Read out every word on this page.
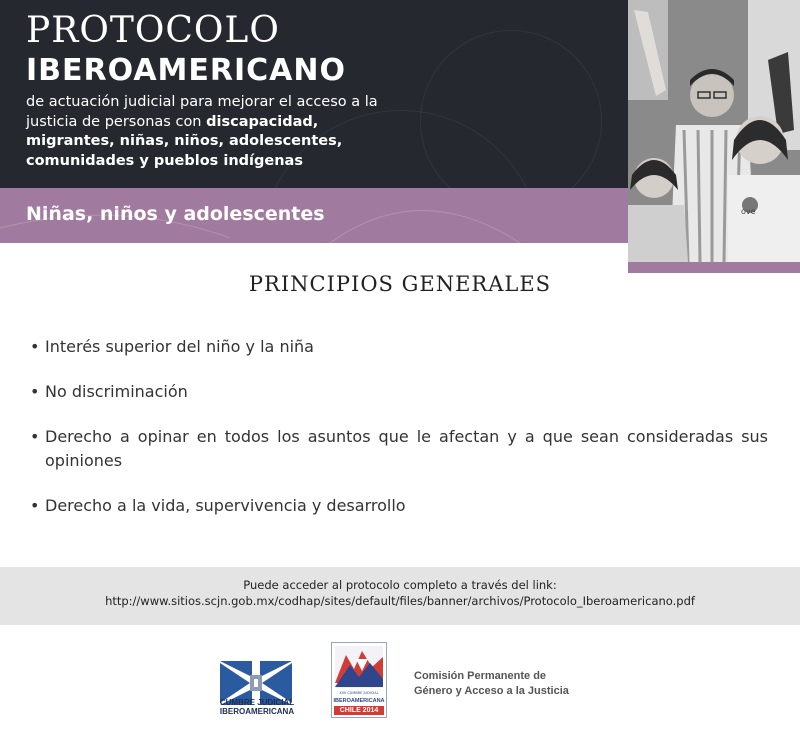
PROTOCOLO
IBEROAMERICANO
de actuación judicial para mejorar el acceso a la justicia de personas con discapacidad, migrantes, niñas, niños, adolescentes, comunidades y pueblos indígenas
Niñas, niños y adolescentes	ove
PRINCIPIOS GENERALES
• Interés superior del niño y la niña
• No discriminación
• Derecho a opinar en todos los asuntos que le afectan y a que sean consideradas sus opiniones
• Derecho a la vida, supervivencia y desarrollo
Puede acceder al protocolo completo a través del link:
http://www.sitios.scjn.gob.mx/codhap/sites/default/files/banner/archivos/Protocolo_Iberoamericano.pdf
CUMBRE JUDICIAL
IBEROAMERICANA
XVII CUMBRE JUDICIAL
IBEROAMERICANA
CHILE 2014
Comisión Permanente de
Género y Acceso a la Justicia
